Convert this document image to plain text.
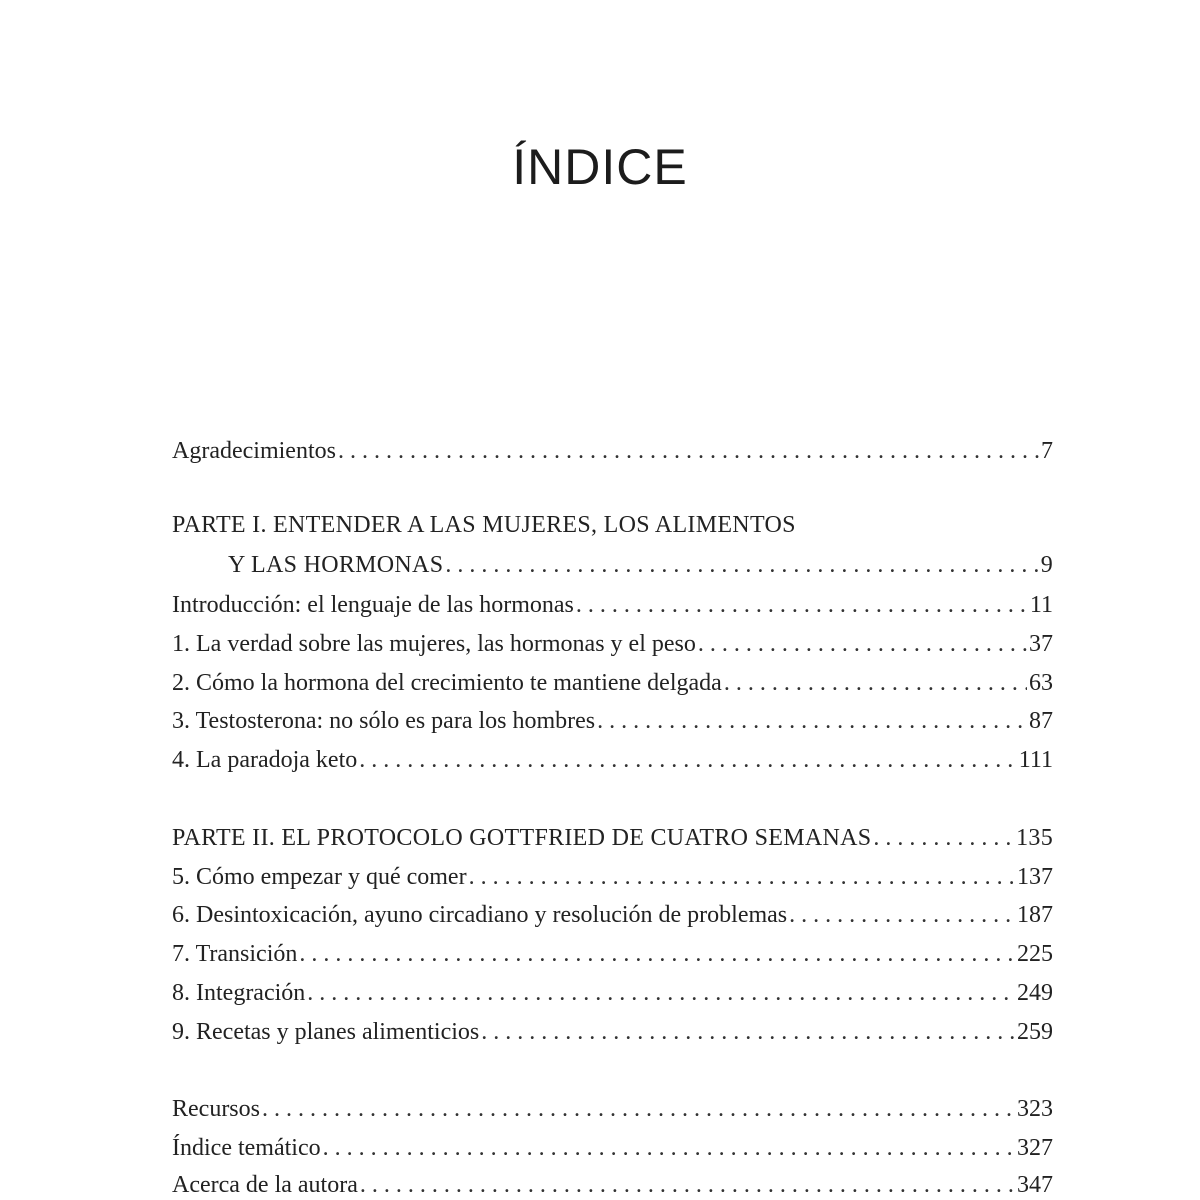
ÍNDICE
Agradecimientos . . .	7
PARTE I. ENTENDER A LAS MUJERES, LOS ALIMENTOS
Y LAS HORMONAS . . .	9
Introducción: el lenguaje de las hormonas . . .	11
1. La verdad sobre las mujeres, las hormonas y el peso . . .	37
2. Cómo la hormona del crecimiento te mantiene delgada . . .	63
3. Testosterona: no sólo es para los hombres . . .	87
4. La paradoja keto . . .	111
PARTE II. EL PROTOCOLO GOTTFRIED DE CUATRO SEMANAS . . .	135
5. Cómo empezar y qué comer . . .	137
6. Desintoxicación, ayuno circadiano y resolución de problemas . . .	187
7. Transición . . .	225
8. Integración . . .	249
9. Recetas y planes alimenticios . . .	259
Recursos . . .	323
Índice temático . . .	327
Acerca de la autora . . .	347
